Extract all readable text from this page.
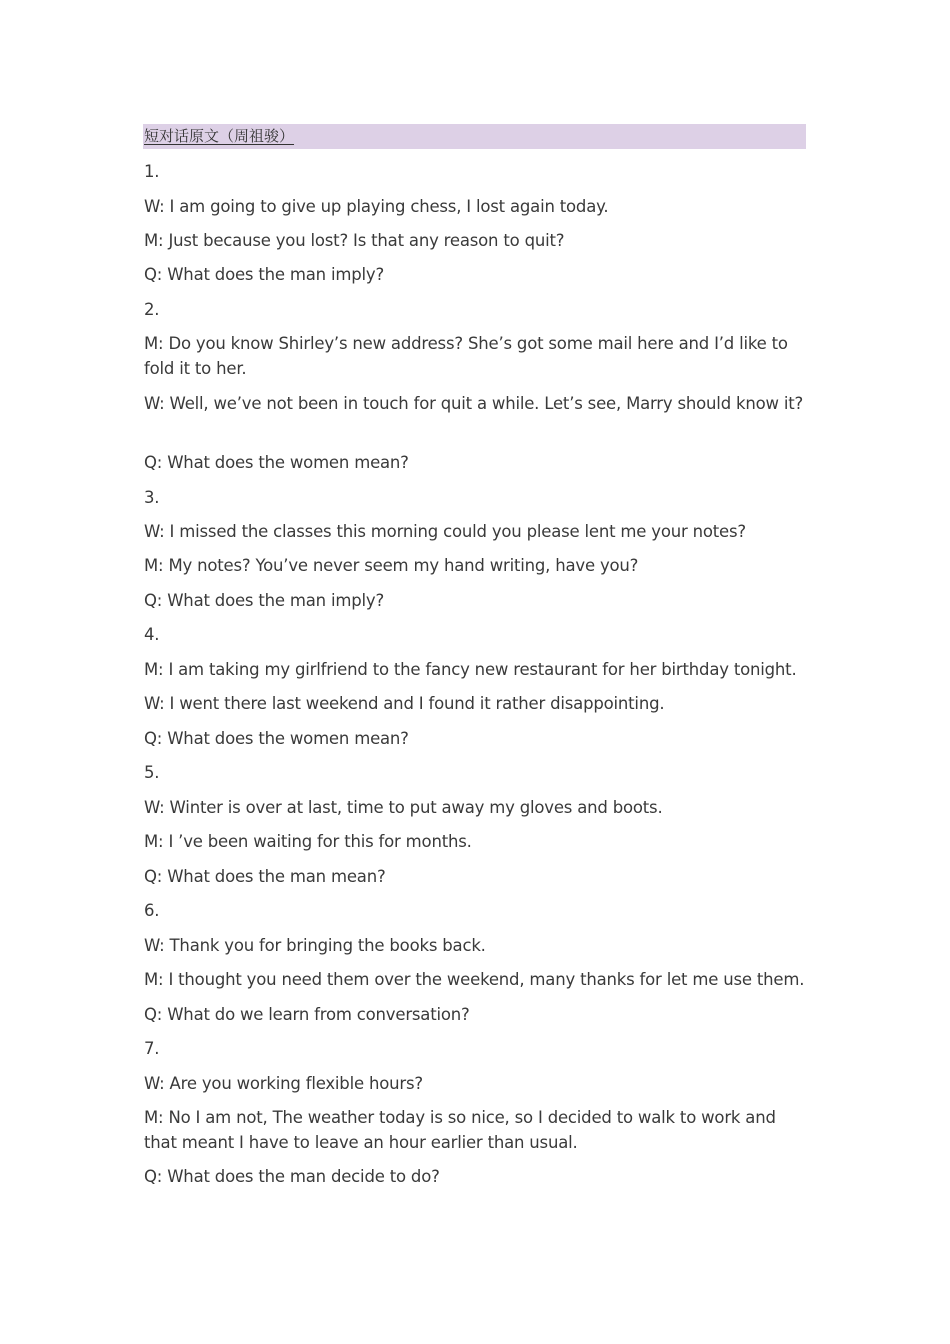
短对话原文（周祖骏）
1.
W: I am going to give up playing chess, I lost again today.
M: Just because you lost? Is that any reason to quit?
Q: What does the man imply?
2.
M: Do you know Shirley’s new address? She’s got some mail here and I’d like to fold it to her.
W: Well, we’ve not been in touch for quit a while. Let’s see, Marry should know it?
Q: What does the women mean?
3.
W: I missed the classes this morning could you please lent me your notes?
M: My notes? You’ve never seem my hand writing, have you?
Q: What does the man imply?
4.
M: I am taking my girlfriend to the fancy new restaurant for her birthday tonight.
W: I went there last weekend and I found it rather disappointing.
Q: What does the women mean?
5.
W: Winter is over at last, time to put away my gloves and boots.
M: I ’ve been waiting for this for months.
Q: What does the man mean?
6.
W: Thank you for bringing the books back.
M: I thought you need them over the weekend, many thanks for let me use them.
Q: What do we learn from conversation?
7.
W: Are you working flexible hours?
M: No I am not, The weather today is so nice, so I decided to walk to work and that meant I have to leave an hour earlier than usual.
Q: What does the man decide to do?
